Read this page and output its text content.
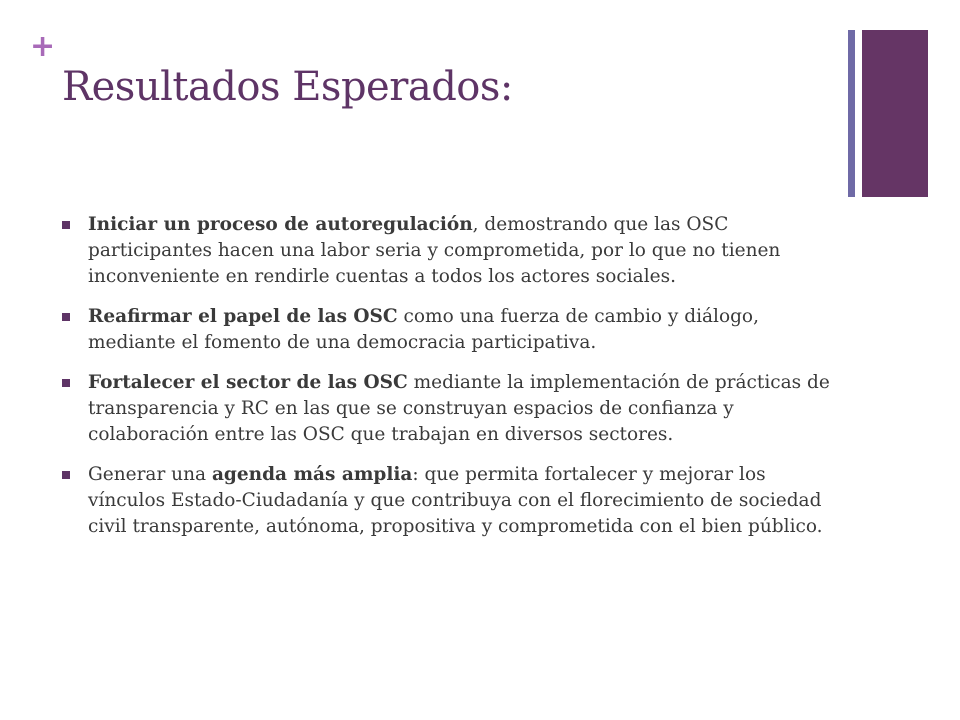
+
Resultados Esperados:
Iniciar un proceso de autoregulación, demostrando que las OSC participantes hacen una labor seria y comprometida, por lo que no tienen inconveniente en rendirle cuentas a todos los actores sociales.
Reafirmar el papel de las OSC como una fuerza de cambio y diálogo, mediante el fomento de una democracia participativa.
Fortalecer el sector de las OSC mediante la implementación de prácticas de transparencia y RC en las que se construyan espacios de confianza y colaboración entre las OSC que trabajan en diversos sectores.
Generar una agenda más amplia: que permita fortalecer y mejorar los vínculos Estado-Ciudadanía y que contribuya con el florecimiento de sociedad civil transparente, autónoma, propositiva y comprometida con el bien público.
